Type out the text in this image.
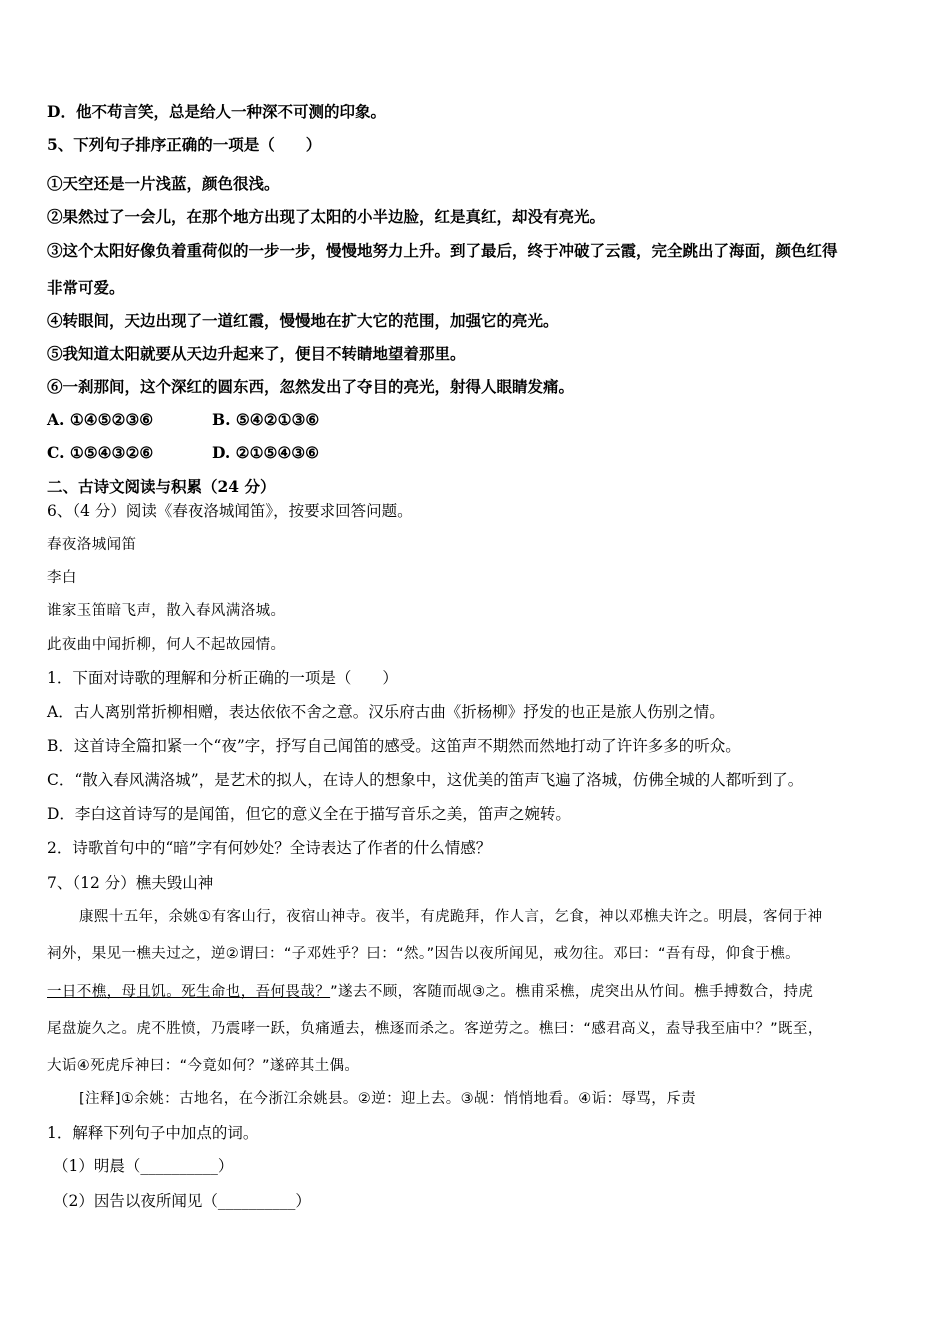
D．他不苟言笑，总是给人一种深不可测的印象。
5、下列句子排序正确的一项是（　　）
①天空还是一片浅蓝，颜色很浅。
②果然过了一会儿，在那个地方出现了太阳的小半边脸，红是真红，却没有亮光。
③这个太阳好像负着重荷似的一步一步，慢慢地努力上升。到了最后，终于冲破了云霞，完全跳出了海面，颜色红得
非常可爱。
④转眼间，天边出现了一道红霞，慢慢地在扩大它的范围，加强它的亮光。
⑤我知道太阳就要从天边升起来了，便目不转睛地望着那里。
⑥一刹那间，这个深红的圆东西，忽然发出了夺目的亮光，射得人眼睛发痛。
A. ①④⑤②③⑥	B. ⑤④②①③⑥
C. ①⑤④③②⑥	D. ②①⑤④③⑥
二、古诗文阅读与积累（24 分）
6、（4 分）阅读《春夜洛城闻笛》，按要求回答问题。
春夜洛城闻笛
李白
谁家玉笛暗飞声，散入春风满洛城。
此夜曲中闻折柳，何人不起故园情。
1．下面对诗歌的理解和分析正确的一项是（　　）
A．古人离别常折柳相赠，表达依依不舍之意。汉乐府古曲《折杨柳》抒发的也正是旅人伤别之情。
B．这首诗全篇扣紧一个“夜”字，抒写自己闻笛的感受。这笛声不期然而然地打动了许许多多的听众。
C．“散入春风满洛城”，是艺术的拟人，在诗人的想象中，这优美的笛声飞遍了洛城，仿佛全城的人都听到了。
D．李白这首诗写的是闻笛，但它的意义全在于描写音乐之美，笛声之婉转。
2．诗歌首句中的“暗”字有何妙处？全诗表达了作者的什么情感？
7、（12 分）樵夫毁山神
康熙十五年，余姚①有客山行，夜宿山神寺。夜半，有虎跪拜，作人言，乞食，神以邓樵夫许之。明晨，客伺于神
祠外，果见一樵夫过之，逆②谓曰：“子邓姓乎？曰：“然。”因告以夜所闻见，戒勿往。邓曰：“吾有母，仰食于樵。
一日不樵，母且饥。死生命也，吾何畏哉？”遂去不顾，客随而觇③之。樵甫采樵，虎突出从竹间。樵手搏数合，持虎
尾盘旋久之。虎不胜愤，乃震哮一跃，负痛遁去，樵逐而杀之。客逆劳之。樵曰：“感君高义，盍导我至庙中？”既至，
大诟④死虎斥神曰：“今竟如何？”遂碎其土偶。
[注释]①余姚：古地名，在今浙江余姚县。②逆：迎上去。③觇：悄悄地看。④诟：辱骂，斥责
1．解释下列句子中加点的词。
（1）明晨（__________）
（2）因告以夜所闻见（__________）
